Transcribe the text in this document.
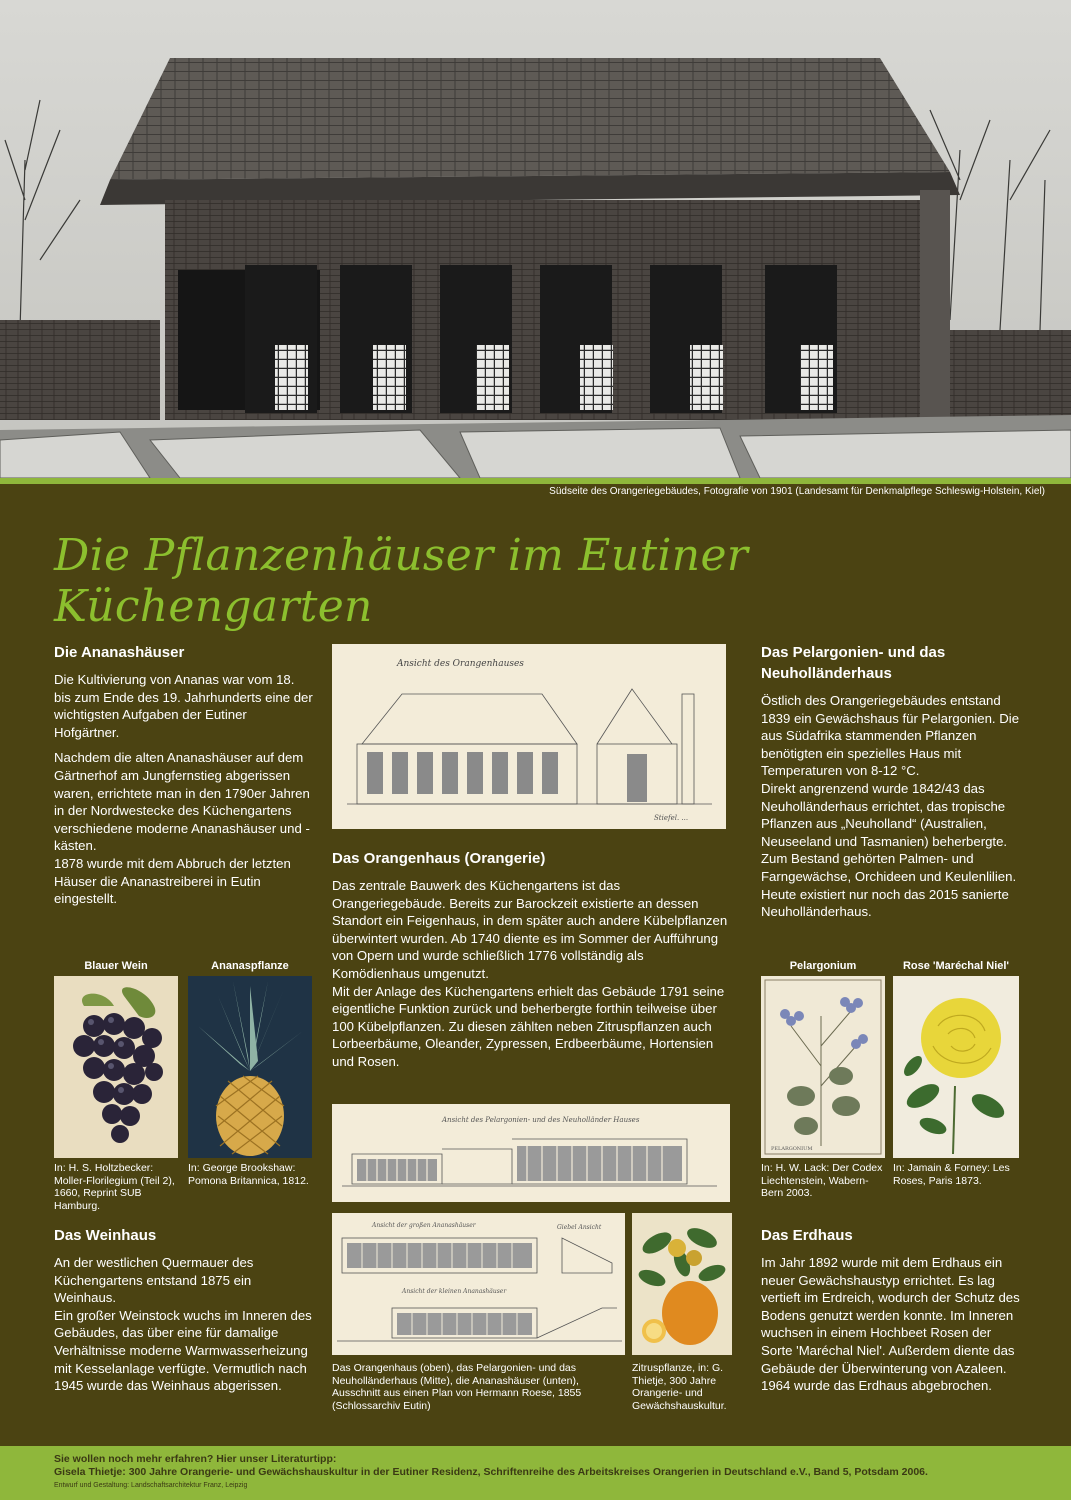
Südseite des Orangeriegebäudes, Fotografie von 1901 (Landesamt für Denkmalpflege Schleswig-Holstein, Kiel)
Die Pflanzenhäuser im Eutiner Küchengarten
Die Ananashäuser

Die Kultivierung von Ananas war vom 18. bis zum Ende des 19. Jahrhunderts eine der wichtigsten Aufgaben der Eutiner Hofgärtner.

Nachdem die alten Ananashäuser auf dem Gärtnerhof am Jungfernstieg abgerissen waren, errichtete man in den 1790er Jahren in der Nordwestecke des Küchengartens verschiedene moderne Ananashäuser und -kästen.

1878 wurde mit dem Abbruch der letzten Häuser die Ananastreiberei in Eutin eingestellt.

Blauer Wein	Ananaspflanze
In: H. S. Holtzbecker: Moller-Florilegium (Teil 2), 1660, Reprint SUB Hamburg.
In: George Brookshaw: Pomona Britannica, 1812.
Das Weinhaus

An der westlichen Quermauer des Küchengartens entstand 1875 ein Weinhaus.

Ein großer Weinstock wuchs im Inneren des Gebäudes, das über eine für damalige Verhältnisse moderne Warmwasserheizung mit Kesselanlage verfügte. Vermutlich nach 1945 wurde das Weinhaus abgerissen.

Ansicht des Orangenhauses
Stiefel. ...
Das Orangenhaus (Orangerie)

Das zentrale Bauwerk des Küchengartens ist das Orangeriegebäude. Bereits zur Barockzeit existierte an dessen Standort ein Feigenhaus, in dem später auch andere Kübelpflanzen überwintert wurden. Ab 1740 diente es im Sommer der Aufführung von Opern und wurde schließlich 1776 vollständig als Komödienhaus umgenutzt.

Mit der Anlage des Küchengartens erhielt das Gebäude 1791 seine eigentliche Funktion zurück und beherbergte forthin teilweise über 100 Kübelpflanzen. Zu diesen zählten neben Zitruspflanzen auch Lorbeerbäume, Oleander, Zypressen, Erdbeerbäume, Hortensien und Rosen.

Ansicht des Pelargonien- und des Neuholländer Hauses
Ansicht der großen Ananashäuser	Giebel Ansicht
Ansicht der kleinen Ananashäuser
Das Orangenhaus (oben), das Pelargonien- und das Neuholländerhaus (Mitte), die Ananashäuser (unten), Ausschnitt aus einen Plan von Hermann Roese, 1855 (Schlossarchiv Eutin)
Zitruspflanze, in: G. Thietje, 300 Jahre Orangerie- und Gewächshauskultur.
Das Pelargonien- und das Neuholländerhaus

Östlich des Orangeriegebäudes entstand 1839 ein Gewächshaus für Pelargonien. Die aus Südafrika stammenden Pflanzen benötigten ein spezielles Haus mit Temperaturen von 8-12 °C.

Direkt angrenzend wurde 1842/43 das Neuholländerhaus errichtet, das tropische Pflanzen aus „Neuholland“ (Australien, Neuseeland und Tasmanien) beherbergte. Zum Bestand gehörten Palmen- und Farngewächse, Orchideen und Keulenlilien.

Heute existiert nur noch das 2015 sanierte Neuholländerhaus.

Pelargonium	Rose 'Maréchal Niel'
PELARGONIUM
In: H. W. Lack: Der Codex Liechtenstein, Wabern-Bern 2003.
In: Jamain & Forney: Les Roses, Paris 1873.
Das Erdhaus

Im Jahr 1892 wurde mit dem Erdhaus ein neuer Gewächshaustyp errichtet. Es lag vertieft im Erdreich, wodurch der Schutz des Bodens genutzt werden konnte. Im Inneren wuchsen in einem Hochbeet Rosen der Sorte 'Maréchal Niel'. Außerdem diente das Gebäude der Überwinterung von Azaleen.

1964 wurde das Erdhaus abgebrochen.

Sie wollen noch mehr erfahren? Hier unser Literaturtipp:
Gisela Thietje: 300 Jahre Orangerie- und Gewächshauskultur in der Eutiner Residenz, Schriftenreihe des Arbeitskreises Orangerien in Deutschland e.V., Band 5, Potsdam 2006.
Entwurf und Gestaltung: Landschaftsarchitektur Franz, Leipzig
